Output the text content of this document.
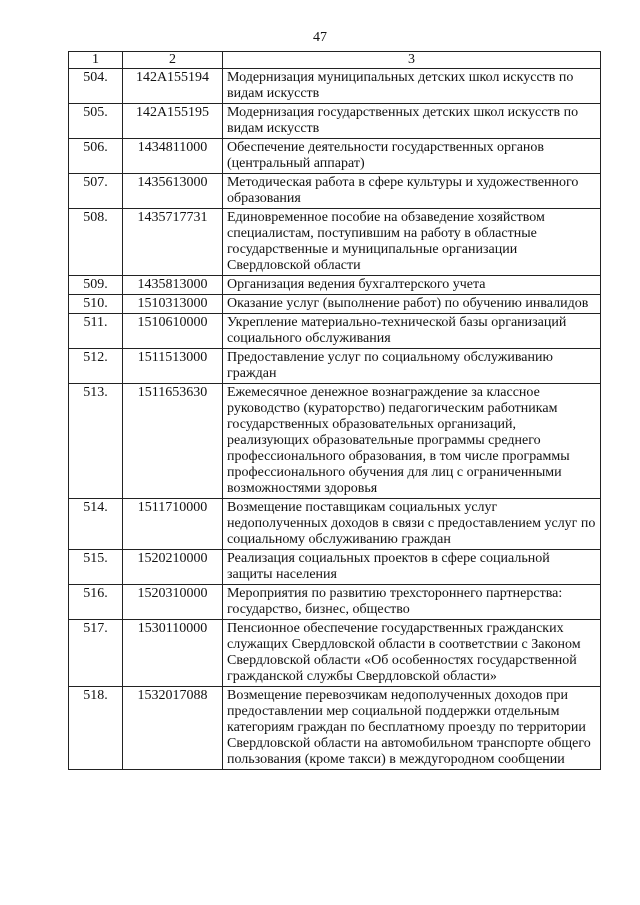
47
1	2	3
504.	142A155194	Модернизация муниципальных детских школ искусств по видам искусств
505.	142A155195	Модернизация государственных детских школ искусств по видам искусств
506.	1434811000	Обеспечение деятельности государственных органов (центральный аппарат)
507.	1435613000	Методическая работа в сфере культуры и художественного образования
508.	1435717731	Единовременное пособие на обзаведение хозяйством специалистам, поступившим на работу в областные государственные и муниципальные организации Свердловской области
509.	1435813000	Организация ведения бухгалтерского учета
510.	1510313000	Оказание услуг (выполнение работ) по обучению инвалидов
511.	1510610000	Укрепление материально-технической базы организаций социального обслуживания
512.	1511513000	Предоставление услуг по социальному обслуживанию граждан
513.	1511653630	Ежемесячное денежное вознаграждение за классное руководство (кураторство) педагогическим работникам государственных образовательных организаций, реализующих образовательные программы среднего профессионального образования, в том числе программы профессионального обучения для лиц с ограниченными возможностями здоровья
514.	1511710000	Возмещение поставщикам социальных услуг недополученных доходов в связи с предоставлением услуг по социальному обслуживанию граждан
515.	1520210000	Реализация социальных проектов в сфере социальной защиты населения
516.	1520310000	Мероприятия по развитию трехстороннего партнерства: государство, бизнес, общество
517.	1530110000	Пенсионное обеспечение государственных гражданских служащих Свердловской области в соответствии с Законом Свердловской области «Об особенностях государственной гражданской службы Свердловской области»
518.	1532017088	Возмещение перевозчикам недополученных доходов при предоставлении мер социальной поддержки отдельным категориям граждан по бесплатному проезду по территории Свердловской области на автомобильном транспорте общего пользования (кроме такси) в междугородном сообщении
